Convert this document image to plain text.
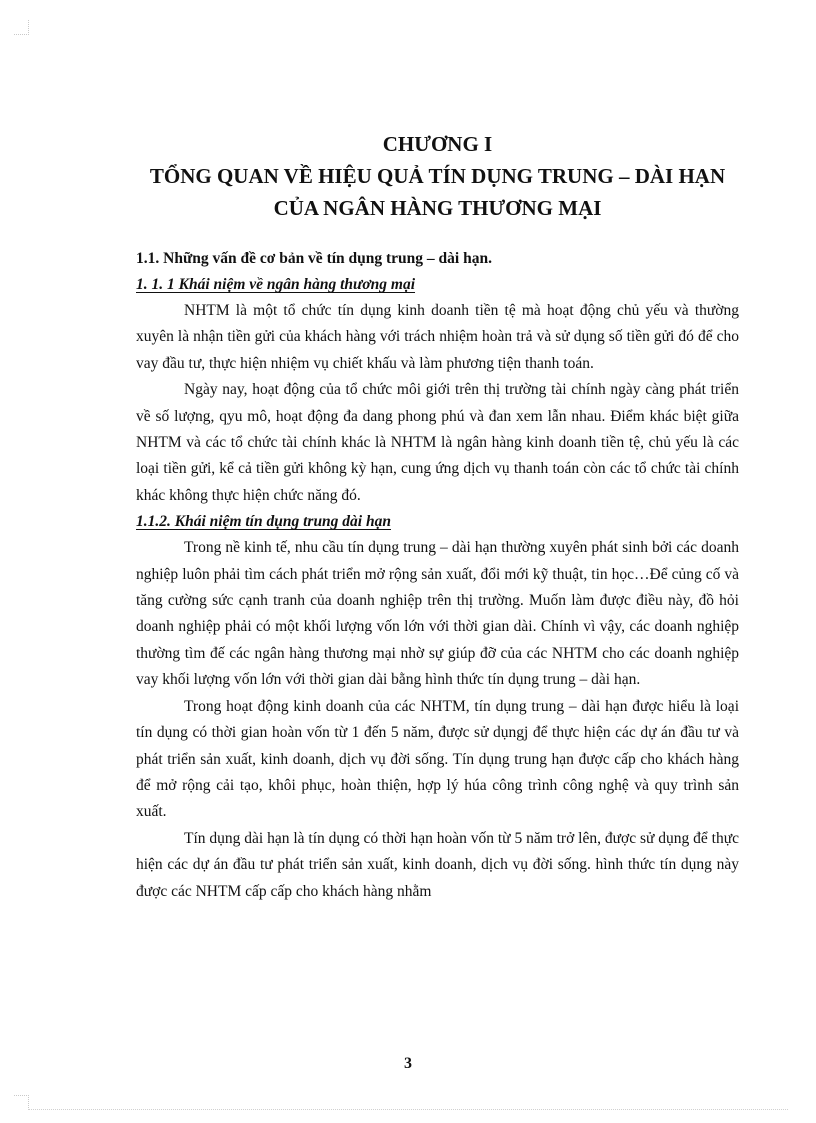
CHƯƠNG I
TỔNG QUAN VỀ HIỆU QUẢ TÍN DỤNG TRUNG – DÀI HẠN
CỦA NGÂN HÀNG THƯƠNG MẠI
1.1. Những vấn đề cơ bản về tín dụng trung – dài hạn.
1. 1. 1 Khái niệm về ngân hàng thương mại

NHTM là một tổ chức tín dụng kinh doanh tiền tệ mà hoạt động chủ yếu và thường xuyên là nhận tiền gửi của khách hàng với trách nhiệm hoàn trả và sử dụng số tiền gửi đó để cho vay đầu tư, thực hiện nhiệm vụ chiết khấu và làm phương tiện thanh toán.

Ngày nay, hoạt động của tổ chức môi giới trên thị trường tài chính ngày càng phát triển về số lượng, qyu mô, hoạt động đa dang phong phú và đan xem lẫn nhau. Điểm khác biệt giữa NHTM và các tổ chức tài chính khác là NHTM là ngân hàng kinh doanh tiền tệ, chủ yếu là các loại tiền gửi, kể cả tiền gửi không kỳ hạn, cung ứng dịch vụ thanh toán còn các tổ chức tài chính khác không thực hiện chức năng đó.

1.1.2. Khái niệm tín dụng trung dài hạn

Trong nề kinh tế, nhu cầu tín dụng trung – dài hạn thường xuyên phát sinh bởi các doanh nghiệp luôn phải tìm cách phát triển mở rộng sản xuất, đổi mới kỹ thuật, tin học…Để củng cố và tăng cường sức cạnh tranh của doanh nghiệp trên thị trường. Muốn làm được điều này, đồ hỏi doanh nghiệp phải có một khối lượng vốn lớn với thời gian dài. Chính vì vậy, các doanh nghiệp thường tìm đế các ngân hàng thương mại nhờ sự giúp đỡ của các NHTM cho các doanh nghiệp vay khối lượng vốn lớn với thời gian dài bằng hình thức tín dụng trung – dài hạn.

Trong hoạt động kinh doanh của các NHTM, tín dụng trung – dài hạn được hiểu là loại tín dụng có thời gian hoàn vốn từ 1 đến 5 năm, được sử dụngj để thực hiện các dự án đầu tư và phát triển sản xuất, kinh doanh, dịch vụ đời sống. Tín dụng trung hạn được cấp cho khách hàng để mở rộng cải tạo, khôi phục, hoàn thiện, hợp lý húa công trình công nghệ và quy trình sản xuất.

Tín dụng dài hạn là tín dụng có thời hạn hoàn vốn từ 5 năm trở lên, được sử dụng để thực hiện các dự án đầu tư phát triển sản xuất, kinh doanh, dịch vụ đời sống. hình thức tín dụng này được các NHTM cấp cấp cho khách hàng nhằm

3
